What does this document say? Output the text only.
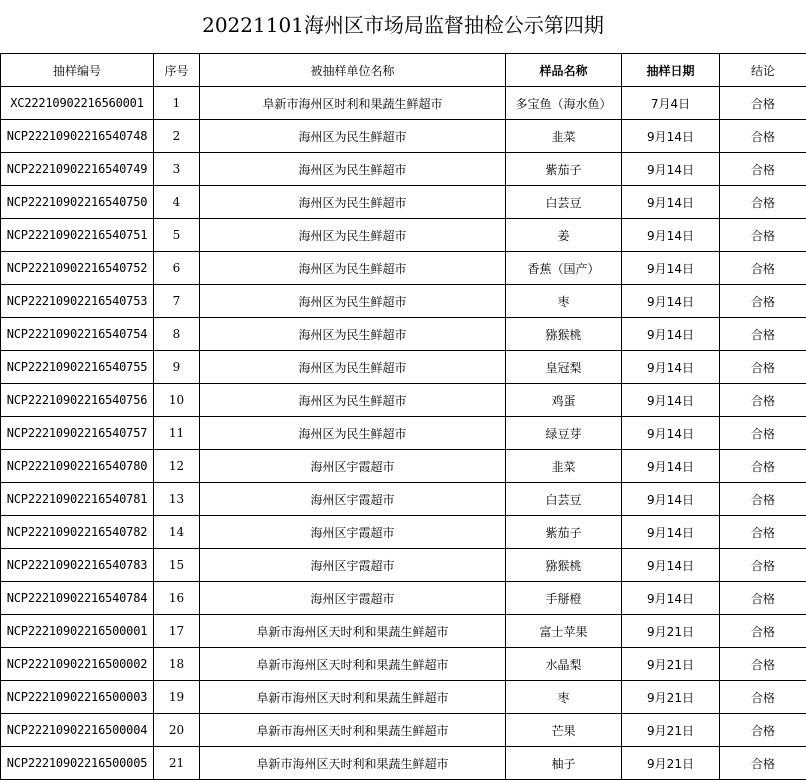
20221101海州区市场局监督抽检公示第四期
抽样编号	序号	被抽样单位名称	样品名称	抽样日期	结论
XC22210902216560001	1	阜新市海州区时利和果蔬生鲜超市	多宝鱼（海水鱼）	7月4日	合格
NCP22210902216540748	2	海州区为民生鲜超市	韭菜	9月14日	合格
NCP22210902216540749	3	海州区为民生鲜超市	紫茄子	9月14日	合格
NCP22210902216540750	4	海州区为民生鲜超市	白芸豆	9月14日	合格
NCP22210902216540751	5	海州区为民生鲜超市	姜	9月14日	合格
NCP22210902216540752	6	海州区为民生鲜超市	香蕉（国产）	9月14日	合格
NCP22210902216540753	7	海州区为民生鲜超市	枣	9月14日	合格
NCP22210902216540754	8	海州区为民生鲜超市	猕猴桃	9月14日	合格
NCP22210902216540755	9	海州区为民生鲜超市	皇冠梨	9月14日	合格
NCP22210902216540756	10	海州区为民生鲜超市	鸡蛋	9月14日	合格
NCP22210902216540757	11	海州区为民生鲜超市	绿豆芽	9月14日	合格
NCP22210902216540780	12	海州区宇霞超市	韭菜	9月14日	合格
NCP22210902216540781	13	海州区宇霞超市	白芸豆	9月14日	合格
NCP22210902216540782	14	海州区宇霞超市	紫茄子	9月14日	合格
NCP22210902216540783	15	海州区宇霞超市	猕猴桃	9月14日	合格
NCP22210902216540784	16	海州区宇霞超市	手掰橙	9月14日	合格
NCP22210902216500001	17	阜新市海州区天时利和果蔬生鲜超市	富士苹果	9月21日	合格
NCP22210902216500002	18	阜新市海州区天时利和果蔬生鲜超市	水晶梨	9月21日	合格
NCP22210902216500003	19	阜新市海州区天时利和果蔬生鲜超市	枣	9月21日	合格
NCP22210902216500004	20	阜新市海州区天时利和果蔬生鲜超市	芒果	9月21日	合格
NCP22210902216500005	21	阜新市海州区天时利和果蔬生鲜超市	柚子	9月21日	合格
